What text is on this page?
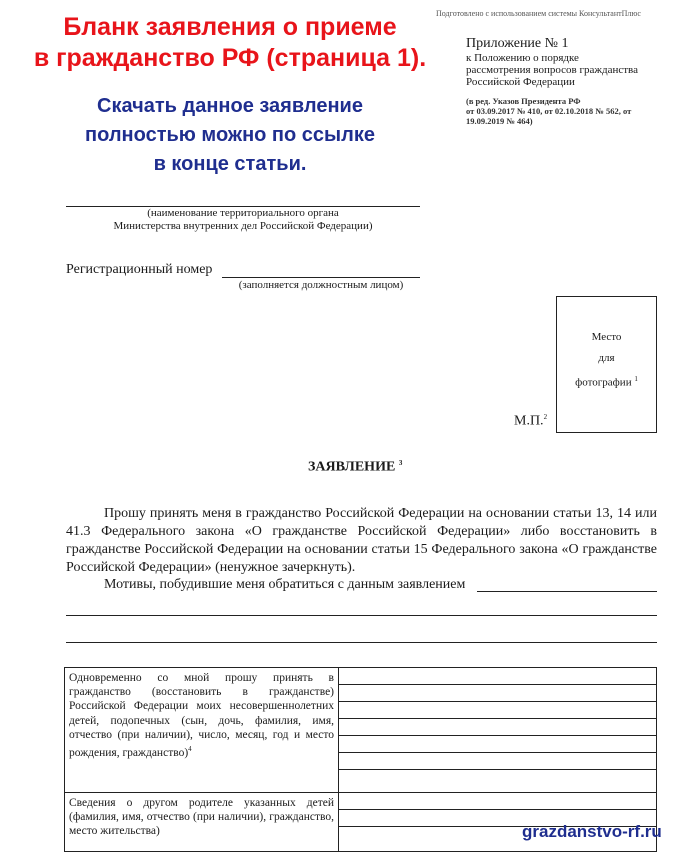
Бланк заявления о приеме
в гражданство РФ (страница 1).
Скачать данное заявление
полностью можно по ссылке
в конце статьи.
Подготовлено с использованием системы КонсультантПлюс
Приложение № 1
к Положению о порядке
рассмотрения вопросов гражданства
Российской Федерации
(в ред. Указов Президента РФ
от 03.09.2017 № 410, от 02.10.2018 № 562, от
19.09.2019 № 464)
(наименование территориального органа
Министерства внутренних дел Российской Федерации)
Регистрационный номер
(заполняется должностным лицом)
Место
для
фотографии $^1$
М.П.$^2$
ЗАЯВЛЕНИЕ $^3$
Прошу принять меня в гражданство Российской Федерации на основании статьи 13, 14 или 41.3 Федерального закона «О гражданстве Российской Федерации» либо восстановить в гражданстве Российской Федерации на основании статьи 15 Федерального закона «О гражданстве Российской Федерации» (ненужное зачеркнуть).
Мотивы, побудившие меня обратиться с данным заявлением
Одновременно со мной прошу принять в гражданство (восстановить в гражданстве) Российской Федерации моих несовершеннолетних детей, подопечных (сын, дочь, фамилия, имя, отчество (при наличии), число, месяц, год и место рождения, гражданство)$^4$	

Сведения о другом родителе указанных детей (фамилия, имя, отчество (при наличии), гражданство, место жительства)		grazdanstvo-rf.ru
